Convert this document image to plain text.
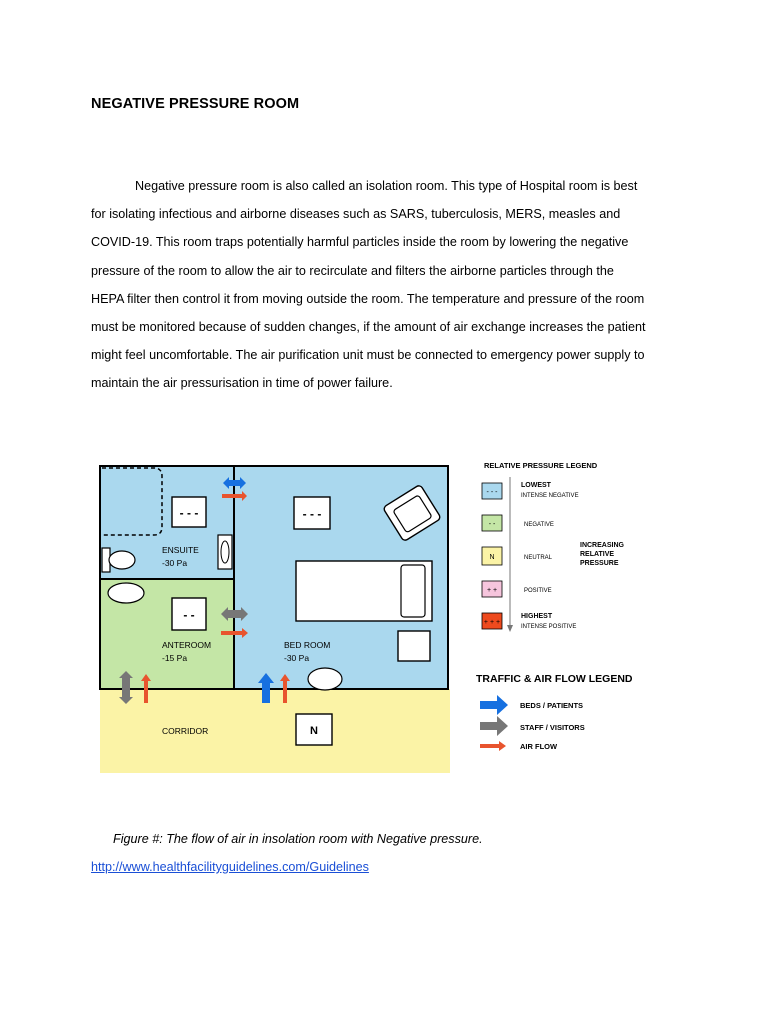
NEGATIVE PRESSURE ROOM
Negative pressure room is also called an isolation room. This type of Hospital room is best for isolating infectious and airborne diseases such as SARS, tuberculosis, MERS, measles and COVID-19. This room traps potentially harmful particles inside the room by lowering the negative pressure of the room to allow the air to recirculate and filters the airborne particles through the HEPA filter then control it from moving outside the room. The temperature and pressure of the room must be monitored because of sudden changes, if the amount of air exchange increases the patient might feel uncomfortable. The air purification unit must be connected to emergency power supply to maintain the air pressurisation in time of power failure.
- - -
ENSUITE
-30 Pa
- -
ANTEROOM
-15 Pa
- - -
BED ROOM
-30 Pa
CORRIDOR	N
RELATIVE PRESSURE LEGEND
- - -
LOWEST
INTENSE NEGATIVE
- -	NEGATIVE
N	NEUTRAL
+ +	POSITIVE
+ + +
HIGHEST
INTENSE POSITIVE
INCREASING
RELATIVE
PRESSURE
TRAFFIC & AIR FLOW LEGEND
BEDS / PATIENTS
STAFF / VISITORS
AIR FLOW
Figure #: The flow of air in insolation room with Negative pressure.
http://www.healthfacilityguidelines.com/Guidelines
